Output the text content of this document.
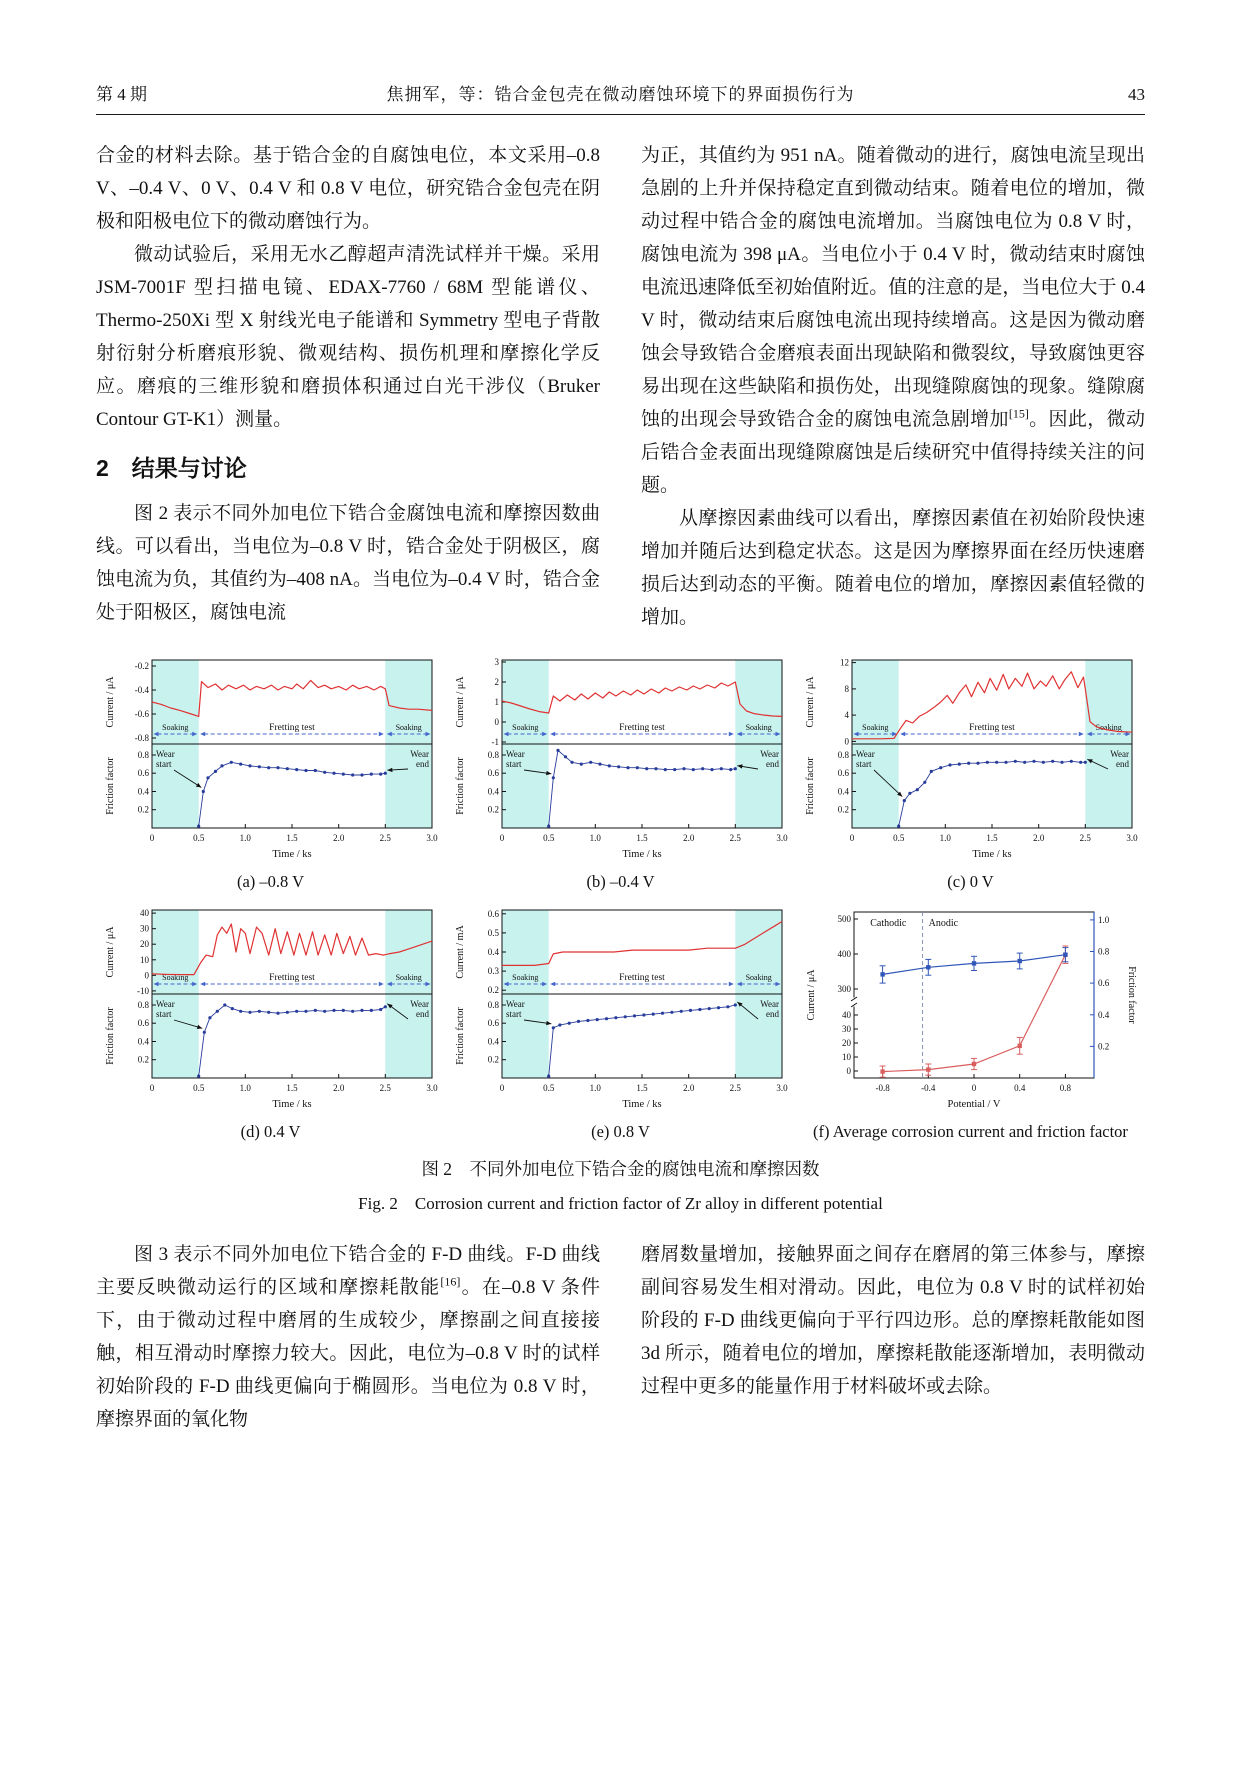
第 4 期	焦拥军，等：锆合金包壳在微动磨蚀环境下的界面损伤行为	43

合金的材料去除。基于锆合金的自腐蚀电位，本文采用–0.8 V、–0.4 V、0 V、0.4 V 和 0.8 V 电位，研究锆合金包壳在阴极和阳极电位下的微动磨蚀行为。

微动试验后，采用无水乙醇超声清洗试样并干燥。采用 JSM-7001F 型扫描电镜、EDAX-7760 / 68M 型能谱仪、Thermo-250Xi 型 X 射线光电子能谱和 Symmetry 型电子背散射衍射分析磨痕形貌、微观结构、损伤机理和摩擦化学反应。磨痕的三维形貌和磨损体积通过白光干涉仪（Bruker Contour GT-K1）测量。

2　结果与讨论

图 2 表示不同外加电位下锆合金腐蚀电流和摩擦因数曲线。可以看出，当电位为–0.8 V 时，锆合金处于阴极区，腐蚀电流为负，其值约为–408 nA。当电位为–0.4 V 时，锆合金处于阳极区，腐蚀电流

为正，其值约为 951 nA。随着微动的进行，腐蚀电流呈现出急剧的上升并保持稳定直到微动结束。随着电位的增加，微动过程中锆合金的腐蚀电流增加。当腐蚀电位为 0.8 V 时，腐蚀电流为 398 μA。当电位小于 0.4 V 时，微动结束时腐蚀电流迅速降低至初始值附近。值的注意的是，当电位大于 0.4 V 时，微动结束后腐蚀电流出现持续增高。这是因为微动磨蚀会导致锆合金磨痕表面出现缺陷和微裂纹，导致腐蚀更容易出现在这些缺陷和损伤处，出现缝隙腐蚀的现象。缝隙腐蚀的出现会导致锆合金的腐蚀电流急剧增加[15]。因此，微动后锆合金表面出现缝隙腐蚀是后续研究中值得持续关注的问题。

从摩擦因素曲线可以看出，摩擦因素值在初始阶段快速增加并随后达到稳定状态。这是因为摩擦界面在经历快速磨损后达到动态的平衡。随着电位的增加，摩擦因素值轻微的增加。

Soaking	Fretting test	Soaking
-0.2
-0.4
-0.6
-0.8
0.2
0.4
0.6
0.8
0	0.5	1.0	1.5	2.0	2.5	3.0
Current / μA
Friction factor
Time / ks
Wear
start
Wear
end
(a) –0.8 V
Soaking	Fretting test	Soaking
-1
0
1
2
3
0.2
0.4
0.6
0.8
0	0.5	1.0	1.5	2.0	2.5	3.0
Current / μA
Friction factor
Time / ks
Wear
start
Wear
end
(b) –0.4 V
Soaking	Fretting test	Soaking
0
4
8
12
0.2
0.4
0.6
0.8
0	0.5	1.0	1.5	2.0	2.5	3.0
Current / μA
Friction factor
Time / ks
Wear
start
Wear
end
(c) 0 V
Soaking	Fretting test	Soaking
-10
0
10
20
30
40
0.2
0.4
0.6
0.8
0	0.5	1.0	1.5	2.0	2.5	3.0
Current / μA
Friction factor
Time / ks
Wear
start
Wear
end
(d) 0.4 V
Soaking	Fretting test	Soaking
0.2
0.3
0.4
0.5
0.6
0.2
0.4
0.6
0.8
0	0.5	1.0	1.5	2.0	2.5	3.0
Current / mA
Friction factor
Time / ks
Wear
start
Wear
end
(e) 0.8 V
Cathodic Anodic
0
10
20
30
40
300
400
500
0.2
0.4
0.6
0.8
1.0
-0.8	-0.4	0	0.4	0.8
Potential / V
Current / μA	Friction factor
(f) Average corrosion current and friction factor
图 2　不同外加电位下锆合金的腐蚀电流和摩擦因数
Fig. 2　Corrosion current and friction factor of Zr alloy in different potential

图 3 表示不同外加电位下锆合金的 F-D 曲线。F-D 曲线主要反映微动运行的区域和摩擦耗散能[16]。在–0.8 V 条件下，由于微动过程中磨屑的生成较少，摩擦副之间直接接触，相互滑动时摩擦力较大。因此，电位为–0.8 V 时的试样初始阶段的 F-D 曲线更偏向于椭圆形。当电位为 0.8 V 时，摩擦界面的氧化物

磨屑数量增加，接触界面之间存在磨屑的第三体参与，摩擦副间容易发生相对滑动。因此，电位为 0.8 V 时的试样初始阶段的 F-D 曲线更偏向于平行四边形。总的摩擦耗散能如图 3d 所示，随着电位的增加，摩擦耗散能逐渐增加，表明微动过程中更多的能量作用于材料破坏或去除。
